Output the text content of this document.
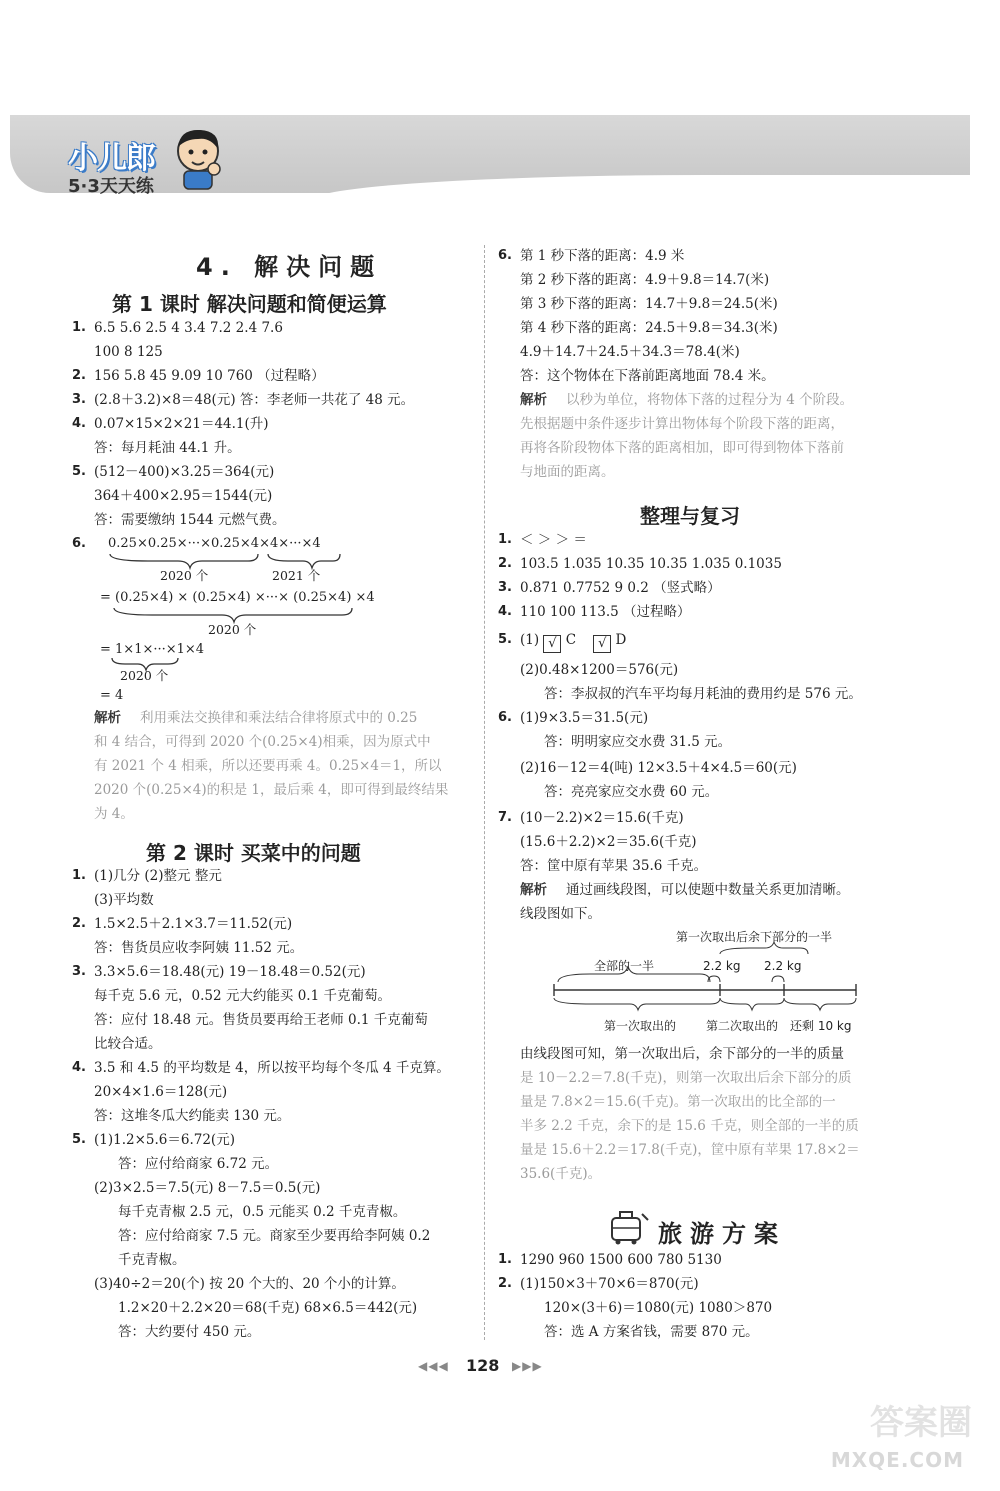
小儿郎
5·3天天练
4. 解决问题
第 1 课时 解决问题和简便运算
1. 6.5 5.6 2.5 4 3.4 7.2 2.4 7.6
100 8 125
2. 156 5.8 45 9.09 10 760 （过程略）
3. (2.8＋3.2)×8＝48(元) 答：李老师一共花了 48 元。
4. 0.07×15×2×21＝44.1(升)
答：每月耗油 44.1 升。
5. (512－400)×3.25＝364(元)
364＋400×2.95＝1544(元)
答：需要缴纳 1544 元燃气费。
6. 0.25×0.25×···×0.25×4×4×···×4
2020 个	2021 个
= (0.25×4) × (0.25×4) ×···× (0.25×4) ×4
2020 个
= 1×1×···×1×4
2020 个
= 4
解析 利用乘法交换律和乘法结合律将原式中的 0.25
和 4 结合，可得到 2020 个(0.25×4)相乘，因为原式中
有 2021 个 4 相乘，所以还要再乘 4。0.25×4＝1，所以
2020 个(0.25×4)的积是 1，最后乘 4，即可得到最终结果
为 4。
第 2 课时 买菜中的问题
1. (1)几分 (2)整元 整元
(3)平均数
2. 1.5×2.5＋2.1×3.7＝11.52(元)
答：售货员应收李阿姨 11.52 元。
3. 3.3×5.6＝18.48(元) 19－18.48＝0.52(元)
每千克 5.6 元，0.52 元大约能买 0.1 千克葡萄。
答：应付 18.48 元。售货员要再给王老师 0.1 千克葡萄
比较合适。
4. 3.5 和 4.5 的平均数是 4，所以按平均每个冬瓜 4 千克算。
20×4×1.6＝128(元)
答：这堆冬瓜大约能卖 130 元。
5. (1)1.2×5.6＝6.72(元)
答：应付给商家 6.72 元。
(2)3×2.5＝7.5(元) 8－7.5＝0.5(元)
每千克青椒 2.5 元，0.5 元能买 0.2 千克青椒。
答：应付给商家 7.5 元。商家至少要再给李阿姨 0.2
千克青椒。
(3)40÷2＝20(个) 按 20 个大的、20 个小的计算。
1.2×20＋2.2×20＝68(千克) 68×6.5＝442(元)
答：大约要付 450 元。
6. 第 1 秒下落的距离：4.9 米
第 2 秒下落的距离：4.9＋9.8＝14.7(米)
第 3 秒下落的距离：14.7＋9.8＝24.5(米)
第 4 秒下落的距离：24.5＋9.8＝34.3(米)
4.9＋14.7＋24.5＋34.3＝78.4(米)
答：这个物体在下落前距离地面 78.4 米。
解析 以秒为单位，将物体下落的过程分为 4 个阶段。
先根据题中条件逐步计算出物体每个阶段下落的距离，
再将各阶段物体下落的距离相加，即可得到物体下落前
与地面的距离。
整理与复习
1. ＜ ＞ ＞ ＝
2. 103.5 1.035 10.35 10.35 1.035 0.1035
3. 0.871 0.7752 9 0.2 （竖式略）
4. 110 100 113.5 （过程略）
5. (1) √ C √ D
(2)0.48×1200＝576(元)
答：李叔叔的汽车平均每月耗油的费用约是 576 元。
6. (1)9×3.5＝31.5(元)
答：明明家应交水费 31.5 元。
(2)16－12＝4(吨) 12×3.5＋4×4.5＝60(元)
答：亮亮家应交水费 60 元。
7. (10－2.2)×2＝15.6(千克)
(15.6＋2.2)×2＝35.6(千克)
答：筐中原有苹果 35.6 千克。
解析 通过画线段图，可以使题中数量关系更加清晰。
线段图如下。
第一次取出后余下部分的一半
全部的一半	2.2 kg 2.2 kg
第一次取出的 第二次取出的 还剩 10 kg
由线段图可知，第一次取出后，余下部分的一半的质量
是 10－2.2＝7.8(千克)，则第一次取出后余下部分的质
量是 7.8×2＝15.6(千克)。第一次取出的比全部的一
半多 2.2 千克，余下的是 15.6 千克，则全部的一半的质
量是 15.6＋2.2＝17.8(千克)，筐中原有苹果 17.8×2＝
35.6(千克)。
旅游方案
1. 1290 960 1500 600 780 5130
2. (1)150×3＋70×6＝870(元)
120×(3＋6)＝1080(元) 1080＞870
答：选 A 方案省钱，需要 870 元。
◀◀◀ 128 ▶▶▶
答案圈
MXQE.COM
